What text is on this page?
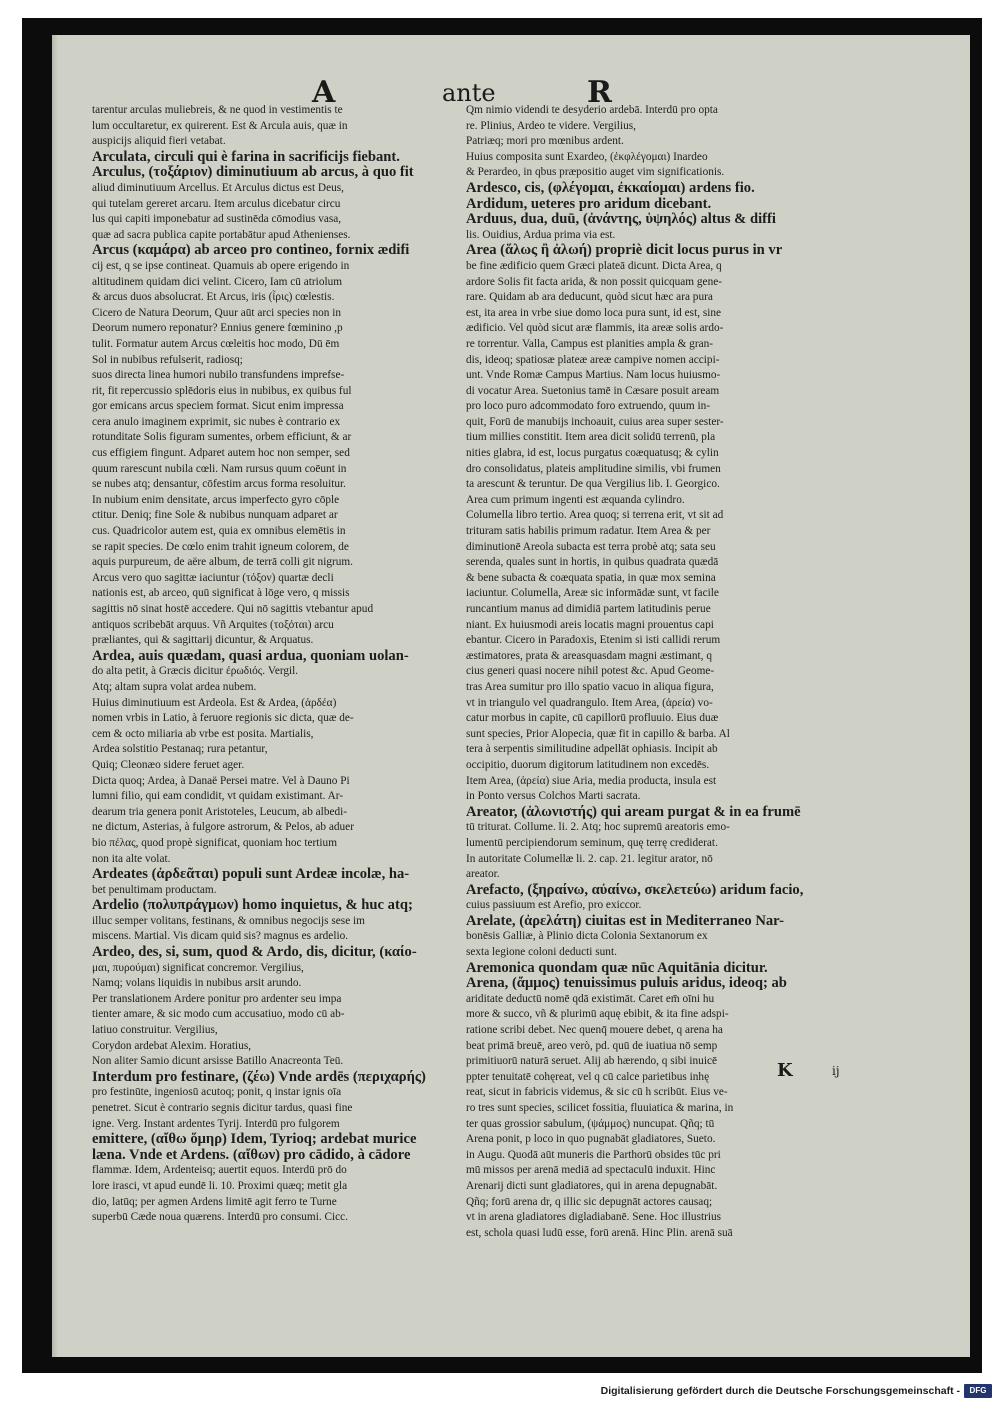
A	ante	R
tarentur arculas muliebreis, & ne quod in vestimentis te
lum occultaretur, ex quirerent. Est & Arcula auis, quæ in
auspicijs aliquid fieri vetabat.
Arculata, circuli qui è farina in sacrificijs fiebant.
Arculus, (τοξάριον) diminutiuum ab arcus, à quo fit
aliud diminutiuum Arcellus. Et Arculus dictus est Deus,
qui tutelam gereret arcaru. Item arculus dicebatur circu
lus qui capiti imponebatur ad sustinēda cōmodius vasa,
quæ ad sacra publica capite portabātur apud Athenienses.
Arcus (καμάρα) ab arceo pro contineo, fornix ædifi
cij est, q se ipse contineat. Quamuis ab opere erigendo in
altitudinem quidam dici velint. Cicero, Iam cū atriolum
& arcus duos absolucrat. Et Arcus, iris (ἶρις) cœlestis.
Cicero de Natura Deorum, Quur aūt arci species non in
Deorum numero reponatur? Ennius genere fœminino ,p
tulit. Formatur autem Arcus cœleitis hoc modo, Dū ēm
Sol in nubibus refulserit, radiosq;
suos directa linea humori nubilo transfundens imprefse-
rit, fit repercussio splēdoris eius in nubibus, ex quibus ful
gor emicans arcus speciem format. Sicut enim impressa
cera anulo imaginem exprimit, sic nubes è contrario ex
rotunditate Solis figuram sumentes, orbem efficiunt, & ar
cus effigiem fingunt. Adparet autem hoc non semper, sed
quum rarescunt nubila cœli. Nam rursus quum coēunt in
se nubes atq; densantur, cōfestim arcus forma resoluitur.
In nubium enim densitate, arcus imperfecto gyro cōple
ctitur. Deniq; fine Sole & nubibus nunquam adparet ar
cus. Quadricolor autem est, quia ex omnibus elemētis in
se rapit species. De cœlo enim trahit igneum colorem, de
aquis purpureum, de aëre album, de terrā colli git nigrum.
Arcus vero quo sagittæ iaciuntur (τόξον) quartæ decli
nationis est, ab arceo, quū significat à lōge vero, q missis
sagittis nō sinat hostē accedere. Qui nō sagittis vtebantur apud
antiquos scribebāt arquus. Vñ Arquites (τοξόται) arcu
præliantes, qui & sagittarij dicuntur, & Arquatus.
Ardea, auis quædam, quasi ardua, quoniam uolan-
do alta petit, à Græcis dicitur ἐρωδιός. Vergil.
Atq; altam supra volat ardea nubem.
Huius diminutiuum est Ardeola. Est & Ardea, (ἀρδέα)
nomen vrbis in Latio, à feruore regionis sic dicta, quæ de-
cem & octo miliaria ab vrbe est posita. Martialis,
Ardea solstitio Pestanaq; rura petantur,
Quiq; Cleonæo sidere feruet ager.
Dicta quoq; Ardea, à Danaë Persei matre. Vel à Dauno Pi
lumni filio, qui eam condidit, vt quidam existimant. Ar-
dearum tria genera ponit Aristoteles, Leucum, ab albedi-
ne dictum, Asterias, à fulgore astrorum, & Pelos, ab aduer
bio πέλας, quod propè significat, quoniam hoc tertium
non ita alte volat.
Ardeates (ἀρδεᾶται) populi sunt Ardeæ incolæ, ha-
bet penultimam productam.
Ardelio (πολυπράγμων) homo inquietus, & huc atq;
illuc semper volitans, festinans, & omnibus negocijs sese im
miscens. Martial. Vis dicam quid sis? magnus es ardelio.
Ardeo, des, si, sum, quod & Ardo, dis, dicitur, (καίο-
μαι, πυρούμαι) significat concremor. Vergilius,
Namq; volans liquidis in nubibus arsit arundo.
Per translationem Ardere ponitur pro ardenter seu impa
tienter amare, & sic modo cum accusatiuo, modo cū ab-
latiuo construitur. Vergilius,
Corydon ardebat Alexim. Horatius,
Non aliter Samio dicunt arsisse Batillo Anacreonta Teū.
Interdum pro festinare, (ζέω) Vnde ardēs (περιχαρής)
pro festinūte, ingeniosū acutoq; ponit, q instar ignis oīa
penetret. Sicut è contrario segnis dicitur tardus, quasi fine
igne. Verg. Instant ardentes Tyrij. Interdū pro fulgorem
emittere, (αἴθω ὅμηρ) Idem, Tyrioq; ardebat murice
læna. Vnde et Ardens. (αἴθων) pro cādido, à cādore
flammæ. Idem, Ardenteisq; auertit equos. Interdū prō do
lore irasci, vt apud eundē li. 10. Proximi quæq; metit gla
dio, latūq; per agmen Ardens limitē agit ferro te Turne
superbū Cæde noua quærens. Interdū pro consumi. Cicc.
Qm nimio videndi te desyderio ardebā. Interdū pro opta
re. Plinius, Ardeo te videre. Vergilius,
Patriæq; mori pro mœnibus ardent.
Huius composita sunt Exardeo, (ἐκφλέγομαι) Inardeo
& Perardeo, in qbus præpositio auget vim significationis.
Ardesco, cis, (φλέγομαι, ἐκκαίομαι) ardens fio.
Ardidum, ueteres pro aridum dicebant.
Arduus, dua, duū, (ἀνάντης, ὑψηλός) altus & diffi
lis. Ouidius, Ardua prima via est.
Area (ἅλως ἢ ἀλωή) propriè dicit locus purus in vr
be fine ædificio quem Græci plateā dicunt. Dicta Area, q
ardore Solis fit facta arida, & non possit quicquam gene-
rare. Quidam ab ara deducunt, quòd sicut hæc ara pura
est, ita area in vrbe siue domo loca pura sunt, id est, sine
ædificio. Vel quòd sicut aræ flammis, ita areæ solis ardo-
re torrentur. Valla, Campus est planities ampla & gran-
dis, ideoq; spatiosæ plateæ areæ campive nomen accipi-
unt. Vnde Romæ Campus Martius. Nam locus huiusmo-
di vocatur Area. Suetonius tamē in Cæsare posuit aream
pro loco puro adcommodato foro extruendo, quum in-
quit, Forū de manubijs inchoauit, cuius area super sester-
tium millies constitit. Item area dicit solidū terrenū, pla
nities glabra, id est, locus purgatus coæquatusq; & cylin
dro consolidatus, plateis amplitudine similis, vbi frumen
ta arescunt & teruntur. De qua Vergilius lib. I. Georgico.
Area cum primum ingenti est æquanda cylindro.
Columella libro tertio. Area quoq; si terrena erit, vt sit ad
trituram satis habilis primum radatur. Item Area & per
diminutionē Areola subacta est terra probè atq; sata seu
serenda, quales sunt in hortis, in quibus quadrata quædā
& bene subacta & coæquata spatia, in quæ mox semina
iaciuntur. Columella, Areæ sic informādæ sunt, vt facile
runcantium manus ad dimidiā partem latitudinis perue
niant. Ex huiusmodi areis locatis magni prouentus capi
ebantur. Cicero in Paradoxis, Etenim si isti callidi rerum
æstimatores, prata & areasquasdam magni æstimant, q
cius generi quasi nocere nihil potest &c. Apud Geome-
tras Area sumitur pro illo spatio vacuo in aliqua figura,
vt in triangulo vel quadrangulo. Item Area, (ἀρεία) vo-
catur morbus in capite, cū capillorū profluuio. Eius duæ
sunt species, Prior Alopecia, quæ fit in capillo & barba. Al
tera à serpentis similitudine adpellāt ophiasis. Incipit ab
occipitio, duorum digitorum latitudinem non excedēs.
Item Area, (ἀρεία) siue Aria, media producta, insula est
in Ponto versus Colchos Marti sacrata.
Areator, (ἁλωνιστής) qui aream purgat & in ea frumē
tū triturat. Collume. li. 2. Atq; hoc supremū areatoris emo-
lumentū percipiendorum seminum, quę terrę crediderat.
In autoritate Columellæ li. 2. cap. 21. legitur arator, nō
areator.
Arefacto, (ξηραίνω, αὐαίνω, σκελετεύω) aridum facio,
cuius passiuum est Arefio, pro exiccor.
Arelate, (ἀρελάτη) ciuitas est in Mediterraneo Nar-
bonēsis Galliæ, à Plinio dicta Colonia Sextanorum ex
sexta legione coloni deducti sunt.
Aremonica quondam quæ nūc Aquitānia dicitur.
Arena, (ἄμμος) tenuissimus puluis aridus, ideoq; ab
ariditate deductū nomē qdā existimāt. Caret em̄ oīni hu
more & succo, vñ & plurimū aquę ebibit, & ita fine adspi-
ratione scribi debet. Nec quenq̄ mouere debet, q arena ha
beat primā breuē, areo verò, pd. quū de iuatiua nō semp
primitiuorū naturā seruet. Alij ab hærendo, q sibi inuicē
ppter tenuitatē cohęreat, vel q cū calce parietibus inhę
reat, sicut in fabricis videmus, & sic cū h scribūt. Eius ve-
ro tres sunt species, scilicet fossitia, fluuiatica & marina, in
ter quas grossior sabulum, (ψάμμος) nuncupat. Qñq; tū
Arena ponit, p loco in quo pugnabāt gladiatores, Sueto.
in Augu. Quodā aūt muneris die Parthorū obsides tūc pri
mū missos per arenā mediā ad spectaculū induxit. Hinc
Arenarij dicti sunt gladiatores, qui in arena depugnabāt.
Qñq; forū arena dr, q illic sic depugnāt actores causaq;
vt in arena gladiatores digladiabanē. Sene. Hoc illustrius
est, schola quasi ludū esse, forū arenā. Hinc Plin. arenā suā
K	ij
Digitalisierung gefördert durch die Deutsche Forschungsgemeinschaft -	DFG
